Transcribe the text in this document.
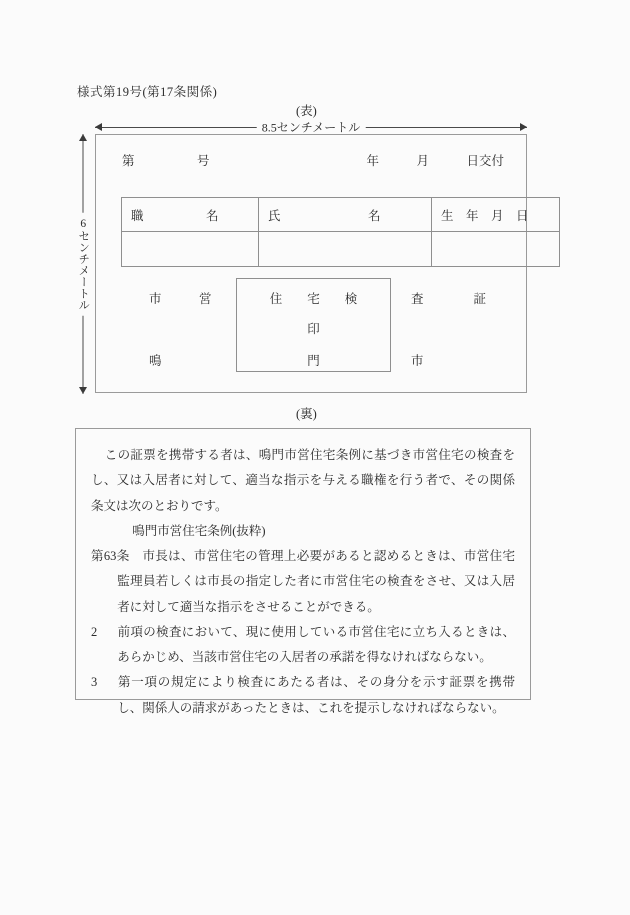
様式第19号(第17条関係)
(表)
8.5センチメートル
6センチメートル
第　　　　　号	年　　　月　　　日交付
職　　　　　名	氏　　　　　　　名	生　年　月　日

市　　　営	住　　宅　　検	査　　　　証
印
鳴	門	市
(裏)

この証票を携帯する者は、鳴門市営住宅条例に基づき市営住宅の検査をし、又は入居者に対して、適当な指示を与える職権を行う者で、その関係条文は次のとおりです。

鳴門市営住宅条例(抜粋)

第63条　 市長は、市営住宅の管理上必要があると認めるときは、市営住宅監理員若しくは市長の指定した者に市営住宅の検査をさせ、又は入居者に対して適当な指示をさせることができる。

2 前項の検査において、現に使用している市営住宅に立ち入るときは、あらかじめ、当該市営住宅の入居者の承諾を得なければならない。

3 第一項の規定により検査にあたる者は、その身分を示す証票を携帯し、関係人の請求があったときは、これを提示しなければならない。
